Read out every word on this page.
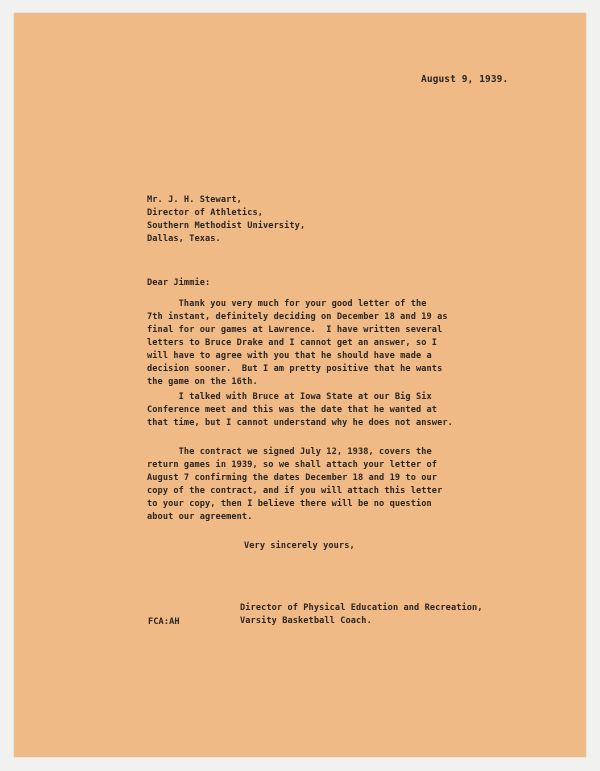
August 9, 1939.
Mr. J. H. Stewart,
Director of Athletics,
Southern Methodist University,
Dallas, Texas.
Dear Jimmie:
Thank you very much for your good letter of the
7th instant, definitely deciding on December 18 and 19 as
final for our games at Lawrence.  I have written several
letters to Bruce Drake and I cannot get an answer, so I
will have to agree with you that he should have made a
decision sooner.  But I am pretty positive that he wants
the game on the 16th.
I talked with Bruce at Iowa State at our Big Six
Conference meet and this was the date that he wanted at
that time, but I cannot understand why he does not answer.
The contract we signed July 12, 1938, covers the
return games in 1939, so we shall attach your letter of
August 7 confirming the dates December 18 and 19 to our
copy of the contract, and if you will attach this letter
to your copy, then I believe there will be no question
about our agreement.
Very sincerely yours,
Director of Physical Education and Recreation,
Varsity Basketball Coach.
FCA:AH
